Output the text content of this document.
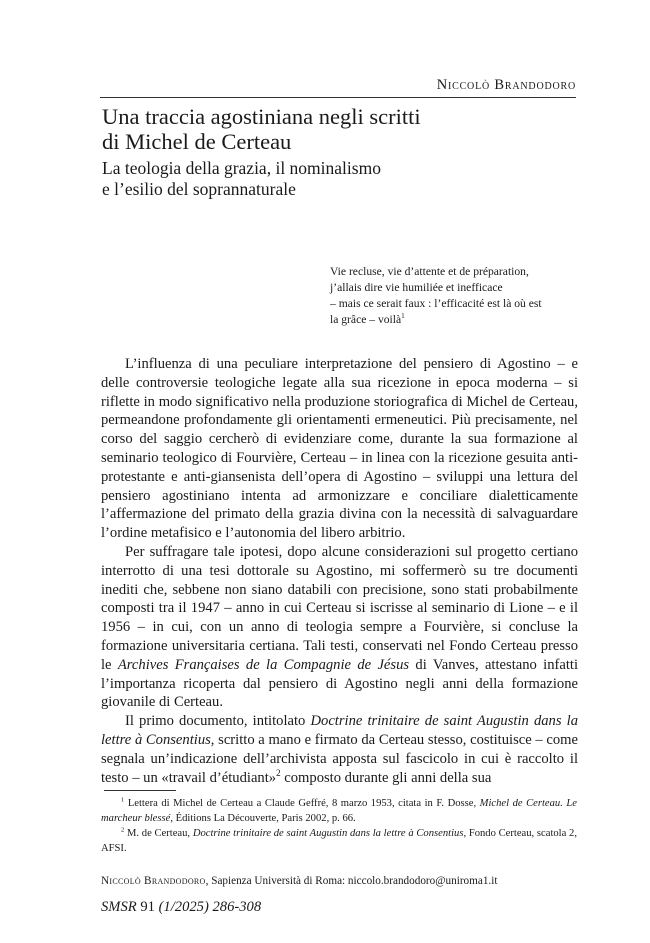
Niccolò Brandodoro
Una traccia agostiniana negli scritti
di Michel de Certeau
La teologia della grazia, il nominalismo
e l’esilio del soprannaturale
Vie recluse, vie d’attente et de préparation,
j’allais dire vie humiliée et inefficace
– mais ce serait faux : l’efficacité est là où est
la grâce – voilà$^1$

L’influenza di una peculiare interpretazione del pensiero di Agostino – e delle controversie teologiche legate alla sua ricezione in epoca moderna – si riflette in modo significativo nella produzione storiografica di Michel de Certeau, permeandone profondamente gli orientamenti ermeneutici. Più precisamente, nel corso del saggio cercherò di evidenziare come, durante la sua formazione al seminario teologico di Fourvière, Certeau – in linea con la ricezione gesuita anti-protestante e anti-giansenista dell’opera di Agostino – sviluppi una lettura del pensiero agostiniano intenta ad armonizzare e conciliare dialetticamente l’affermazione del primato della grazia divina con la necessità di salvaguardare l’ordine metafisico e l’autonomia del libero arbitrio.

Per suffragare tale ipotesi, dopo alcune considerazioni sul progetto certiano interrotto di una tesi dottorale su Agostino, mi soffermerò su tre documenti inediti che, sebbene non siano databili con precisione, sono stati probabilmente composti tra il 1947 – anno in cui Certeau si iscrisse al seminario di Lione – e il 1956 – in cui, con un anno di teologia sempre a Fourvière, si concluse la formazione universitaria certiana. Tali testi, conservati nel Fondo Certeau presso le Archives Françaises de la Compagnie de Jésus di Vanves, attestano infatti l’importanza ricoperta dal pensiero di Agostino negli anni della formazione giovanile di Certeau.

Il primo documento, intitolato Doctrine trinitaire de saint Augustin dans la lettre à Consentius, scritto a mano e firmato da Certeau stesso, costituisce – come segnala un’indicazione dell’archivista apposta sul fascicolo in cui è raccolto il testo – un «travail d’étudiant»$^2$ composto durante gli anni della sua

$^1$ Lettera di Michel de Certeau a Claude Geffré, 8 marzo 1953, citata in F. Dosse, Michel de Certeau. Le marcheur blessé, Éditions La Découverte, Paris 2002, p. 66.

$^2$ M. de Certeau, Doctrine trinitaire de saint Augustin dans la lettre à Consentius, Fondo Certeau, scatola 2, AFSI.

Niccolò Brandodoro, Sapienza Università di Roma: niccolo.brandodoro@uniroma1.it
SMSR 91 (1/2025) 286-308
